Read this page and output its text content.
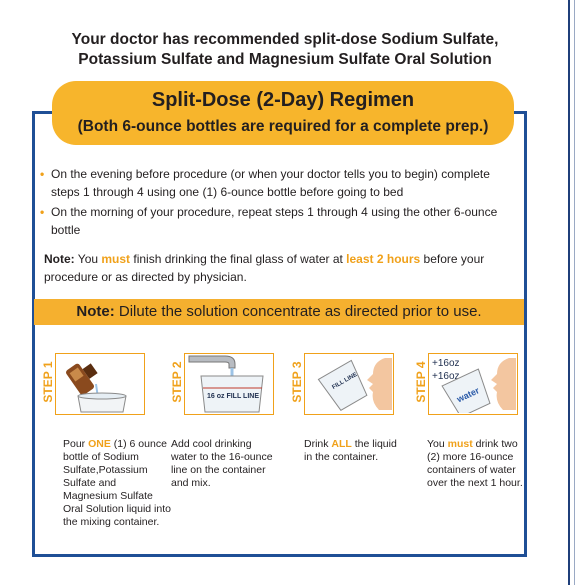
Your doctor has recommended split-dose Sodium Sulfate,
Potassium Sulfate and Magnesium Sulfate Oral Solution
Split-Dose (2-Day) Regimen
(Both 6-ounce bottles are required for a complete prep.)
• On the evening before procedure (or when your doctor tells you to begin) complete steps 1 through 4 using one (1) 6-ounce bottle before going to bed
• On the morning of your procedure, repeat steps 1 through 4 using the other 6-ounce bottle
Note: You must finish drinking the final glass of water at least 2 hours before your procedure or as directed by physician.
Note: Dilute the solution concentrate as directed prior to use.
STEP 1
Pour ONE (1) 6 ounce bottle of Sodium Sulfate,Potassium Sulfate and Magnesium Sulfate Oral Solution liquid into the mixing container.
STEP 2	16 oz FILL LINE
Add cool drinking water to the 16-ounce line on the container and mix.
STEP 3	FILL LINE
Drink ALL the liquid in the container.
STEP 4 +16oz
+16oz
water
You must drink two (2) more 16-ounce containers of water over the next 1 hour.
